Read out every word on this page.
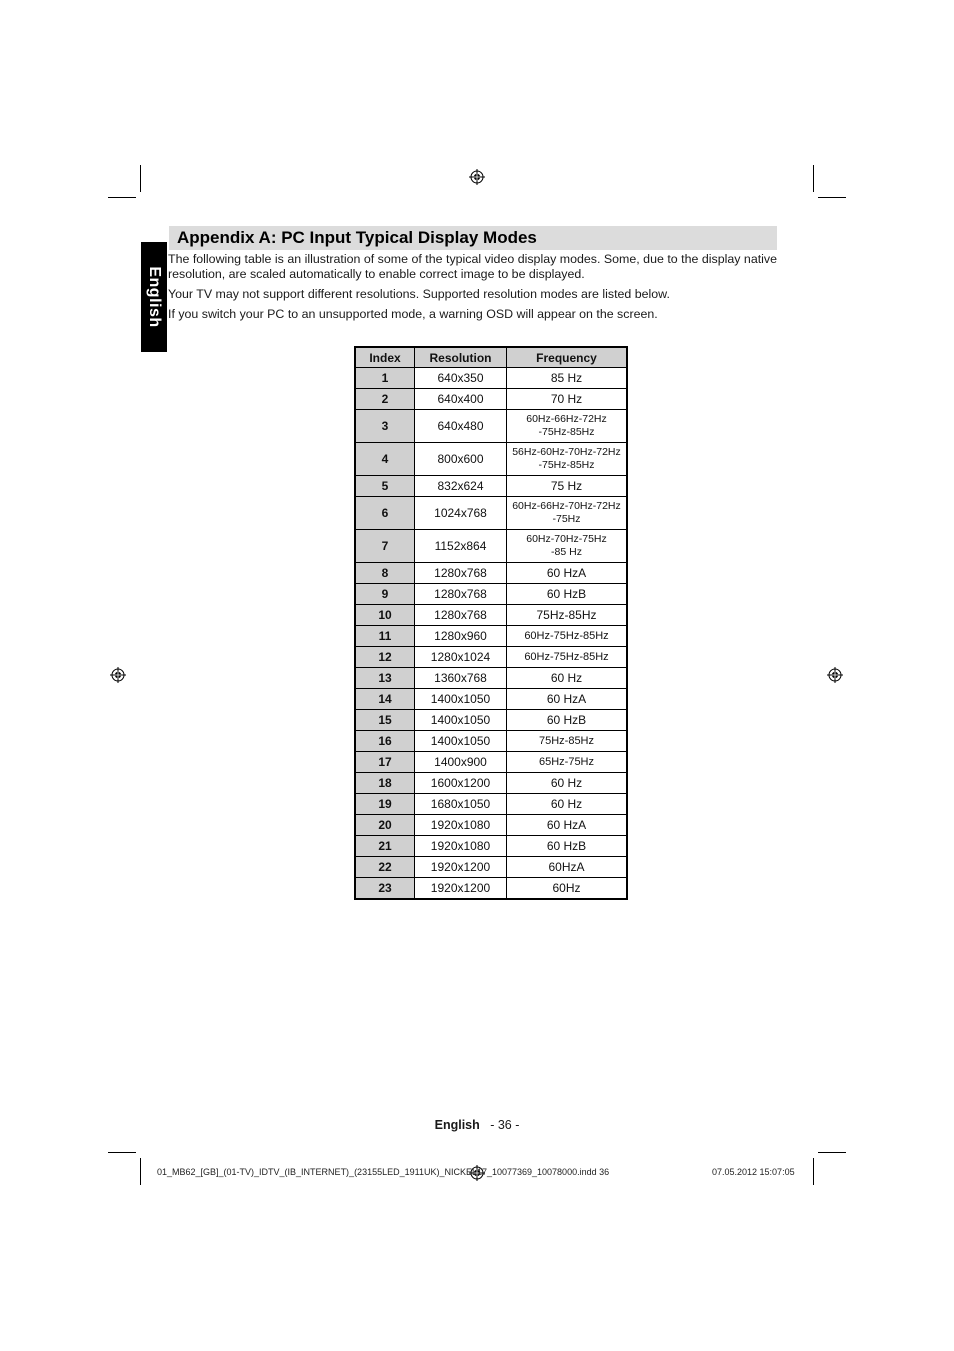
English
Appendix A: PC Input Typical Display Modes

The following table is an illustration of some of the typical video display modes. Some, due to the display native resolution, are scaled automatically to enable correct image to be displayed.

Your TV may not support different resolutions. Supported resolution modes are listed below.

If you switch your PC to an unsupported mode, a warning OSD will appear on the screen.

Index	Resolution	Frequency
1	640x350	85 Hz
2	640x400	70 Hz
3	640x480	60Hz-66Hz-72Hz
-75Hz-85Hz
4	800x600	56Hz-60Hz-70Hz-72Hz
-75Hz-85Hz
5	832x624	75 Hz
6	1024x768	60Hz-66Hz-70Hz-72Hz
-75Hz
7	1152x864	60Hz-70Hz-75Hz
-85 Hz
8	1280x768	60 HzA
9	1280x768	60 HzB
10	1280x768	75Hz-85Hz
11	1280x960	60Hz-75Hz-85Hz
12	1280x1024	60Hz-75Hz-85Hz
13	1360x768	60 Hz
14	1400x1050	60 HzA
15	1400x1050	60 HzB
16	1400x1050	75Hz-85Hz
17	1400x900	65Hz-75Hz
18	1600x1200	60 Hz
19	1680x1050	60 Hz
20	1920x1080	60 HzA
21	1920x1080	60 HzB
22	1920x1200	60HzA
23	1920x1200	60Hz
English - 36 -
01_MB62_[GB]_(01-TV)_IDTV_(IB_INTERNET)_(23155LED_1911UK)_NICKEL17_10077369_10078000.indd 36	07.05.2012 15:07:05
